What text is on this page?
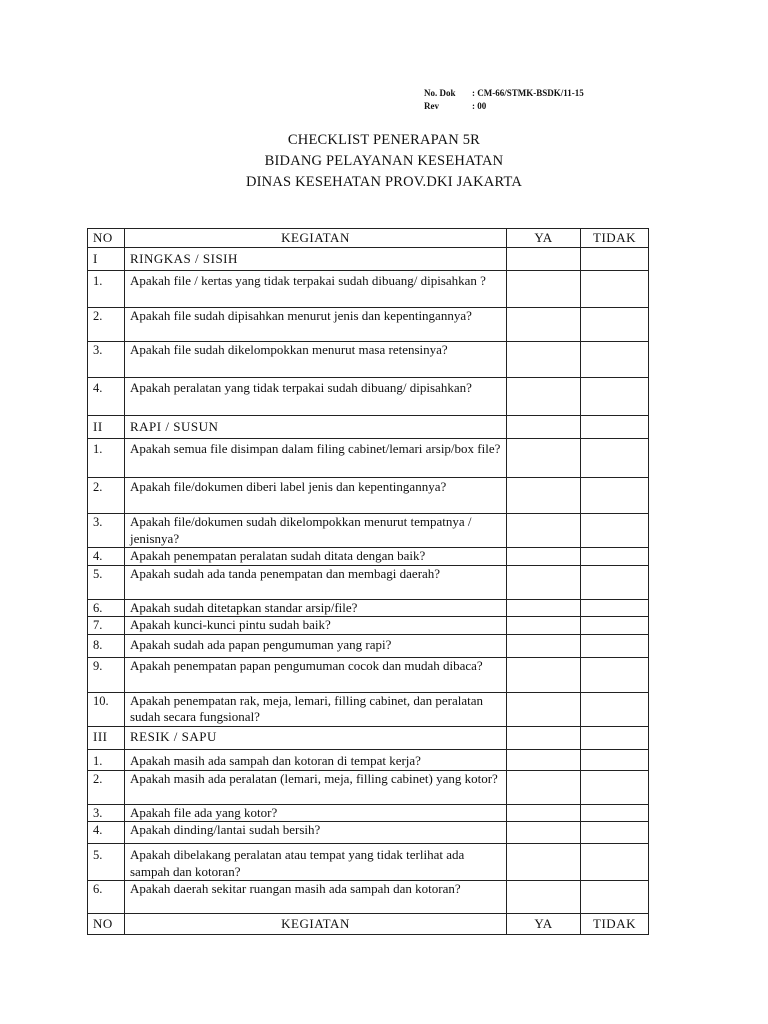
No. Dok	: CM-66/STMK-BSDK/11-15
Rev	: 00
CHECKLIST PENERAPAN 5R
BIDANG PELAYANAN KESEHATAN
DINAS KESEHATAN PROV.DKI JAKARTA
NO	KEGIATAN	YA	TIDAK
I	RINGKAS / SISIH		
1.	Apakah file / kertas yang tidak terpakai sudah dibuang/ dipisahkan ?		
2.	Apakah file sudah dipisahkan menurut jenis dan kepentingannya?		
3.	Apakah file sudah dikelompokkan menurut masa retensinya?		
4.	Apakah peralatan yang tidak terpakai sudah dibuang/ dipisahkan?		
II	RAPI / SUSUN		
1.	Apakah semua file disimpan dalam filing cabinet/lemari arsip/box file?		
2.	Apakah file/dokumen diberi label jenis dan kepentingannya?		
3.	Apakah file/dokumen sudah dikelompokkan menurut tempatnya / jenisnya?		
4.	Apakah penempatan peralatan sudah ditata dengan baik?		
5.	Apakah sudah ada tanda penempatan dan membagi daerah?		
6.	Apakah sudah ditetapkan standar arsip/file?		
7.	Apakah kunci-kunci pintu sudah baik?		
8.	Apakah sudah ada papan pengumuman yang rapi?		
9.	Apakah penempatan papan pengumuman cocok dan mudah dibaca?		
10.	Apakah penempatan rak, meja, lemari, filling cabinet, dan peralatan sudah secara fungsional?		
III	RESIK / SAPU		
1.	Apakah masih ada sampah dan kotoran di tempat kerja?		
2.	Apakah masih ada peralatan (lemari, meja, filling cabinet) yang kotor?		
3.	Apakah file ada yang kotor?		
4.	Apakah dinding/lantai sudah bersih?		
5.	Apakah dibelakang peralatan atau tempat yang tidak terlihat ada sampah dan kotoran?		
6.	Apakah daerah sekitar ruangan masih ada sampah dan kotoran?		
NO	KEGIATAN	YA	TIDAK
